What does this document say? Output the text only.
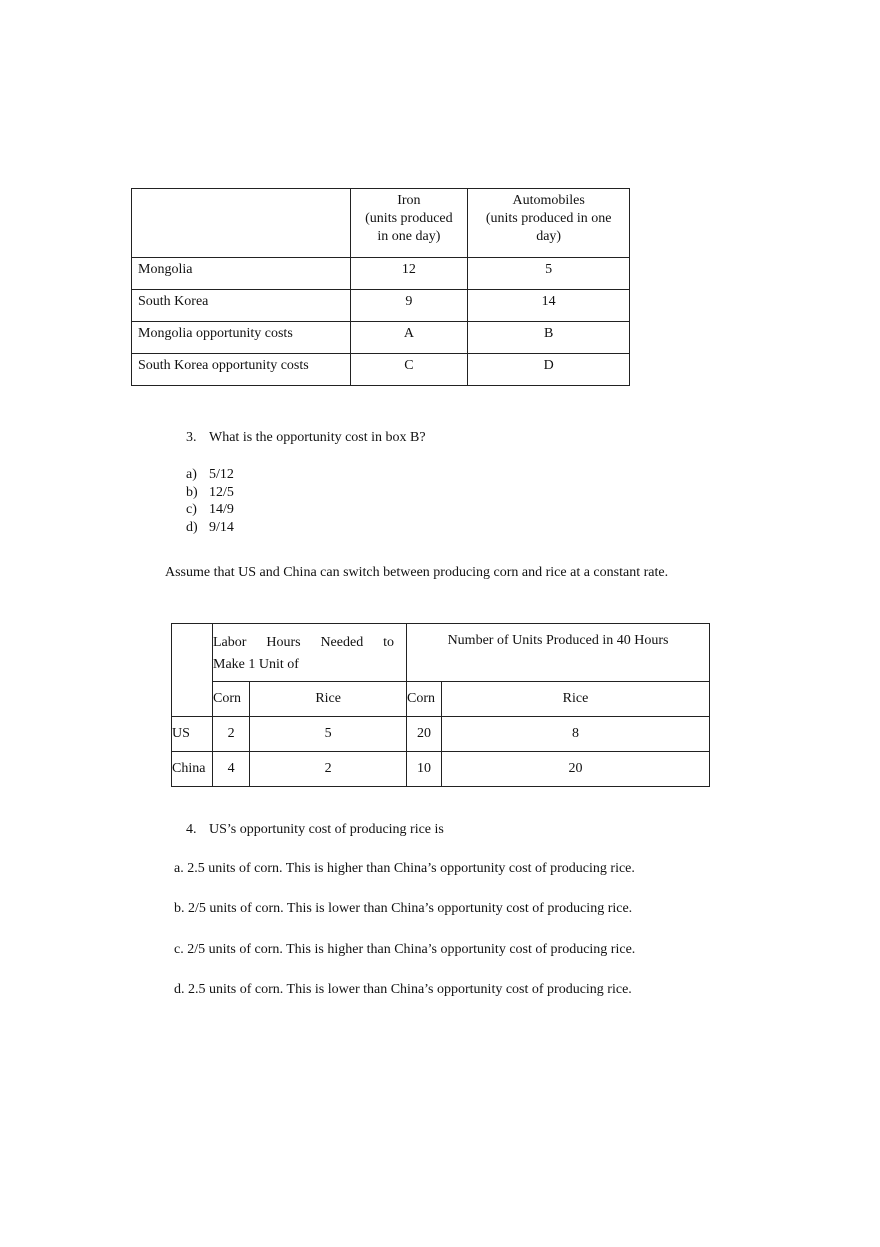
	Iron
(units produced
in one day)	Automobiles
(units produced in one
day)

Mongolia	12	5
South Korea	9	14
Mongolia opportunity costs	A	B
South Korea opportunity costs	C	D
3. What is the opportunity cost in box B?
a) 5/12
b) 12/5
c) 14/9
d) 9/14
Assume that US and China can switch between producing corn and rice at a constant rate.

	Labor Hours Needed to
Make 1 Unit of		Number of Units Produced in 40 Hours	
	Corn	Rice	Corn	Rice
US	2	5	20	8
China	4	2	10	20
4. US’s opportunity cost of producing rice is
a. 2.5 units of corn. This is higher than China’s opportunity cost of producing rice.
b. 2/5 units of corn. This is lower than China’s opportunity cost of producing rice.
c. 2/5 units of corn. This is higher than China’s opportunity cost of producing rice.
d. 2.5 units of corn. This is lower than China’s opportunity cost of producing rice.
